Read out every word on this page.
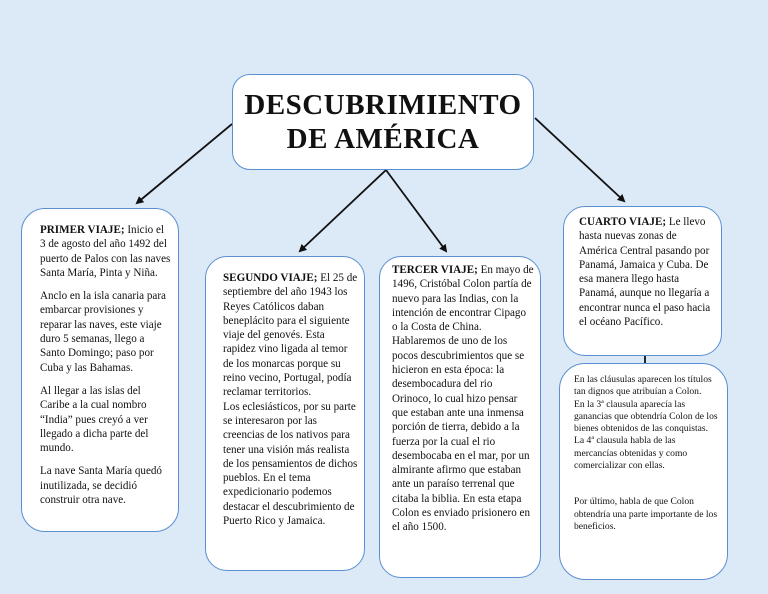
DESCUBRIMIENTO
DE AMÉRICA

PRIMER VIAJE; Inicio el 3 de agosto del año 1492 del puerto de Palos con las naves Santa María, Pinta y Niña.

Anclo en la isla canaria para embarcar provisiones y reparar las naves, este viaje duro 5 semanas, llego a Santo Domingo; paso por Cuba y las Bahamas.

Al llegar a las islas del Caribe a la cual nombro “India” pues creyó a ver llegado a dicha parte del mundo.

La nave Santa María quedó inutilizada, se decidió construir otra nave.

SEGUNDO VIAJE; El 25 de septiembre del año 1943 los Reyes Católicos daban beneplácito para el siguiente viaje del genovés. Esta rapidez vino ligada al temor de los monarcas porque su reino vecino, Portugal, podía reclamar territorios.

Los eclesiásticos, por su parte se interesaron por las creencias de los nativos para tener una visión más realista de los pensamientos de dichos pueblos. En el tema expedicionario podemos destacar el descubrimiento de Puerto Rico y Jamaica.

TERCER VIAJE; En mayo de 1496, Cristóbal Colon partía de nuevo para las Indias, con la intención de encontrar Cipago o la Costa de China.

Hablaremos de uno de los pocos descubrimientos que se hicieron en esta época: la desembocadura del rio Orinoco, lo cual hizo pensar que estaban ante una inmensa porción de tierra, debido a la fuerza por la cual el rio desembocaba en el mar, por un almirante afirmo que estaban ante un paraíso terrenal que citaba la biblia. En esta etapa Colon es enviado prisionero en el año 1500.

CUARTO VIAJE; Le llevo hasta nuevas zonas de América Central pasando por Panamá, Jamaica y Cuba. De esa manera llego hasta Panamá, aunque no llegaría a encontrar nunca el paso hacia el océano Pacífico.

En las cláusulas aparecen los títulos tan dignos que atribuían a Colon.

En la 3ª clausula aparecía las ganancias que obtendría Colon de los bienes obtenidos de las conquistas.

La 4ª clausula habla de las mercancías obtenidas y como comercializar con ellas.

Por último, habla de que Colon obtendría una parte importante de los beneficios.
